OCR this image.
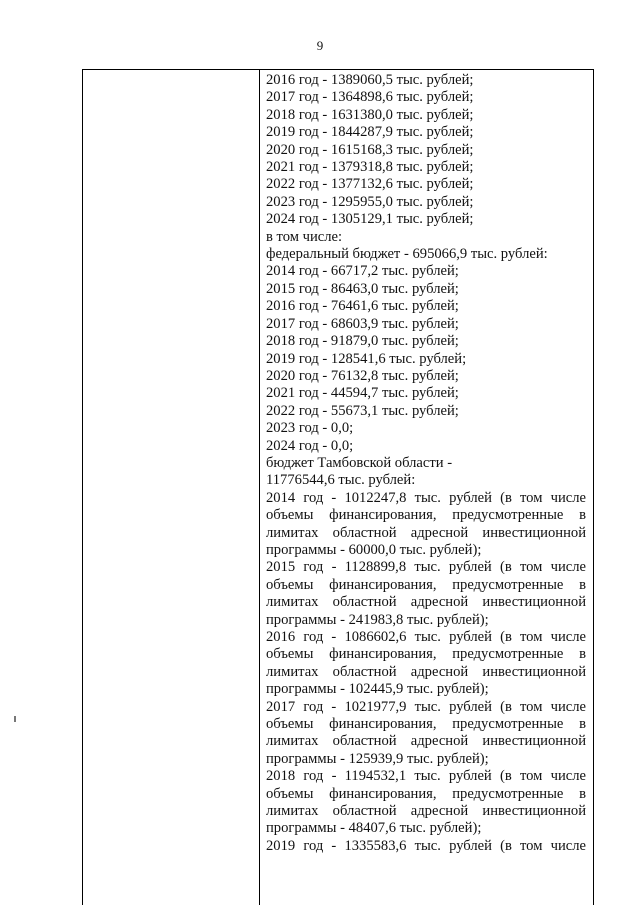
9
2016 год - 1389060,5 тыс. рублей;
2017 год - 1364898,6 тыс. рублей;
2018 год - 1631380,0 тыс. рублей;
2019 год - 1844287,9 тыс. рублей;
2020 год - 1615168,3 тыс. рублей;
2021 год - 1379318,8 тыс. рублей;
2022 год - 1377132,6 тыс. рублей;
2023 год - 1295955,0 тыс. рублей;
2024 год - 1305129,1 тыс. рублей;
в том числе:
федеральный бюджет - 695066,9 тыс. рублей:
2014 год - 66717,2 тыс. рублей;
2015 год - 86463,0 тыс. рублей;
2016 год - 76461,6 тыс. рублей;
2017 год - 68603,9 тыс. рублей;
2018 год - 91879,0 тыс. рублей;
2019 год - 128541,6 тыс. рублей;
2020 год - 76132,8 тыс. рублей;
2021 год - 44594,7 тыс. рублей;
2022 год - 55673,1 тыс. рублей;
2023 год - 0,0;
2024 год - 0,0;
бюджет Тамбовской области -
11776544,6 тыс. рублей:
2014 год - 1012247,8 тыс. рублей (в том числе
объемы финансирования, предусмотренные в
лимитах областной адресной инвестиционной
программы - 60000,0 тыс. рублей);
2015 год - 1128899,8 тыс. рублей (в том числе
объемы финансирования, предусмотренные в
лимитах областной адресной инвестиционной
программы - 241983,8 тыс. рублей);
2016 год - 1086602,6 тыс. рублей (в том числе
объемы финансирования, предусмотренные в
лимитах областной адресной инвестиционной
программы - 102445,9 тыс. рублей);
2017 год - 1021977,9 тыс. рублей (в том числе
объемы финансирования, предусмотренные в
лимитах областной адресной инвестиционной
программы - 125939,9 тыс. рублей);
2018 год - 1194532,1 тыс. рублей (в том числе
объемы финансирования, предусмотренные в
лимитах областной адресной инвестиционной
программы - 48407,6 тыс. рублей);
2019 год - 1335583,6 тыс. рублей (в том числе
